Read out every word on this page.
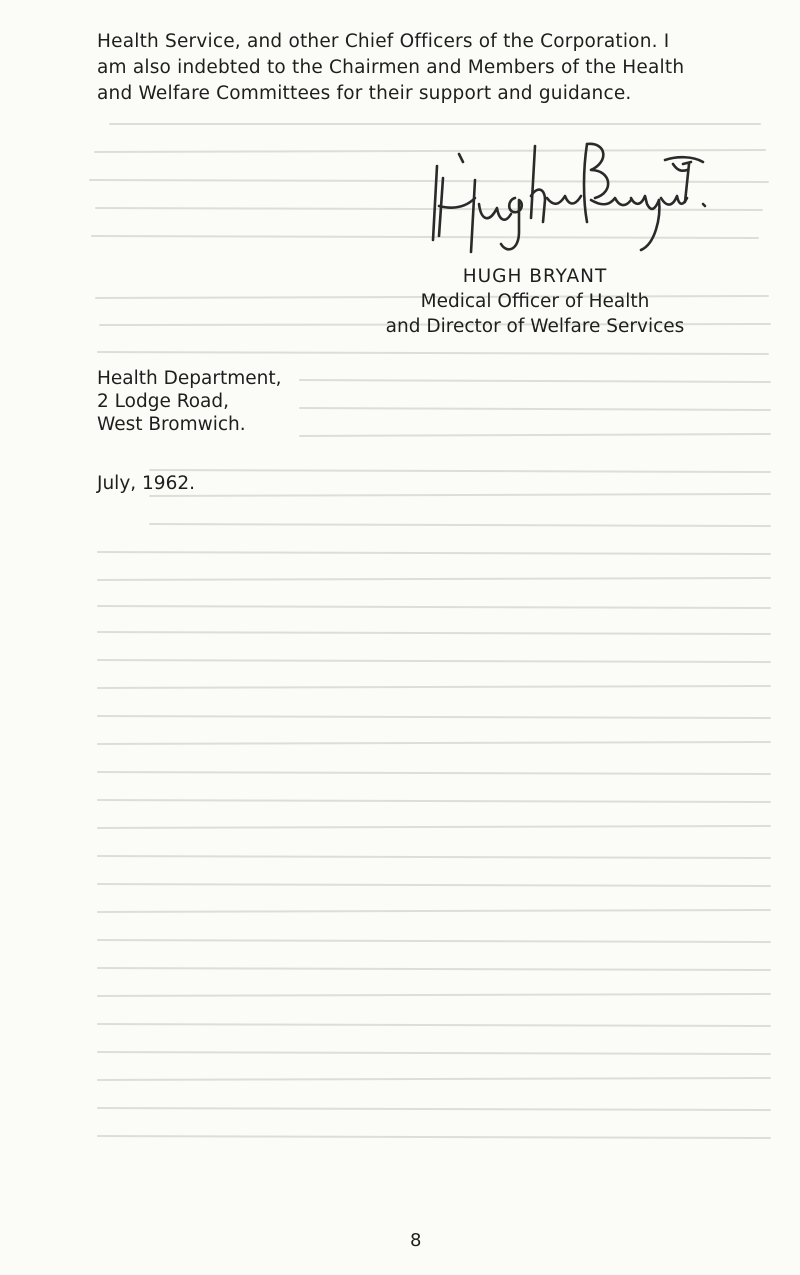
Health Service, and other Chief Officers of the Corporation. I
am also indebted to the Chairmen and Members of the Health
and Welfare Committees for their support and guidance.

HUGH BRYANT
Medical Officer of Health
and Director of Welfare Services
Health Department,
2 Lodge Road,
West Bromwich.
July, 1962.
8
